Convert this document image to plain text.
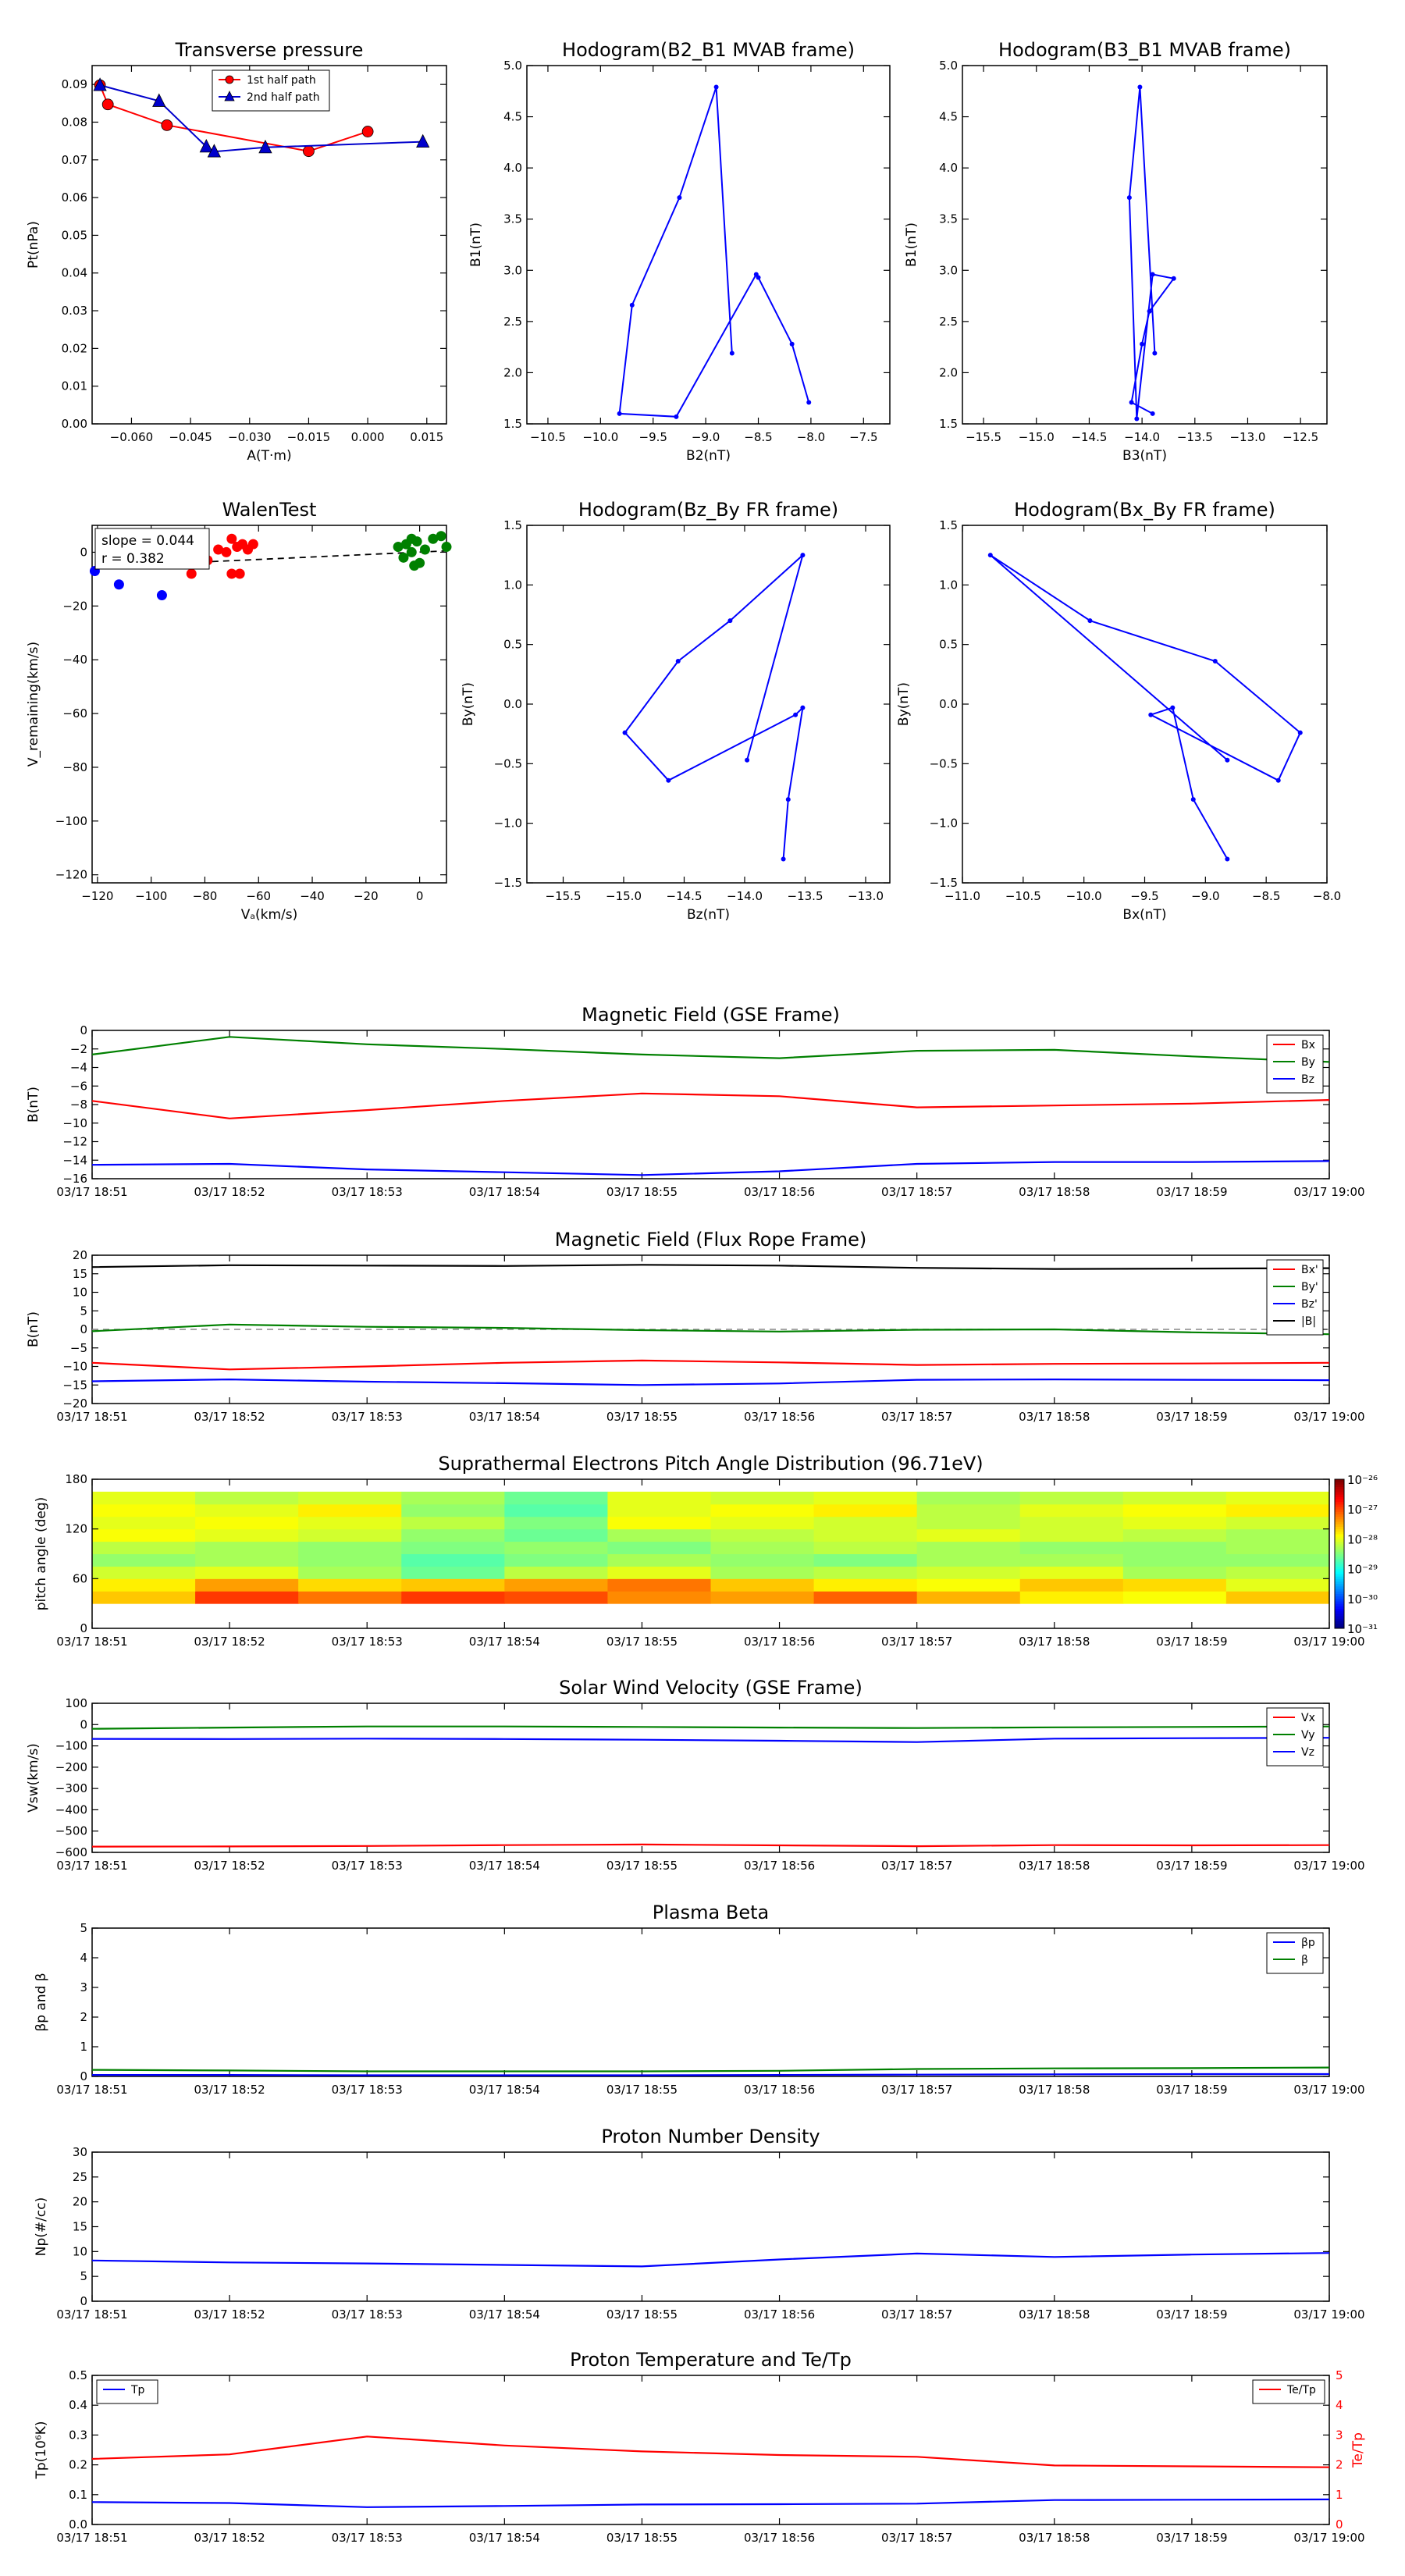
−0.060 −0.045 −0.030 −0.015 0.000 0.015
0.00
0.01
0.02
0.03
0.04
0.05
0.06
0.07
0.08
0.09
Transverse pressure
A(T·m)
Pt(nPa)
1st half path
2nd half path
−10.5 −10.0 −9.5 −9.0 −8.5 −8.0 −7.5
1.5
2.0
2.5
3.0
3.5
4.0
4.5
5.0
Hodogram(B2_B1 MVAB frame)
B2(nT)
B1(nT)
−15.5 −15.0 −14.5 −14.0 −13.5 −13.0 −12.5
1.5
2.0
2.5
3.0
3.5
4.0
4.5
5.0
Hodogram(B3_B1 MVAB frame)
B3(nT)
B1(nT)
−120 −100 −80 −60 −40 −20	0
−120
−100
−80
−60
−40
−20
0
WalenTest
Vₐ(km/s)
V_remaining(km/s)
slope = 0.044
r = 0.382
−15.5 −15.0 −14.5 −14.0 −13.5 −13.0
−1.5
−1.0
−0.5
0.0
0.5
1.0
1.5
Hodogram(Bz_By FR frame)
Bz(nT)
By(nT)
−11.0 −10.5 −10.0 −9.5	−9.0	−8.5	−8.0
−1.5
−1.0
−0.5
0.0
0.5
1.0
1.5
Hodogram(Bx_By FR frame)
Bx(nT)
By(nT)
03/17 18:51	03/17 18:52	03/17 18:53	03/17 18:54	03/17 18:55	03/17 18:56	03/17 18:57	03/17 18:58	03/17 18:59	03/17 19:00
−16
−14
−12
−10
−8
−6
−4
−2
0
Magnetic Field (GSE Frame)
B(nT)
Bx
By
Bz
03/17 18:51	03/17 18:52	03/17 18:53	03/17 18:54	03/17 18:55	03/17 18:56	03/17 18:57	03/17 18:58	03/17 18:59	03/17 19:00
−20
−15
−10
−5
0
5
10
15
20
Magnetic Field (Flux Rope Frame)
B(nT)
Bx'
By'
Bz'
|B|
03/17 18:51	03/17 18:52	03/17 18:53	03/17 18:54	03/17 18:55	03/17 18:56	03/17 18:57	03/17 18:58	03/17 18:59	03/17 19:00
−600
−500
−400
−300
−200
−100
0
100
Solar Wind Velocity (GSE Frame)
Vsw(km/s)
Vx
Vy
Vz
03/17 18:51	03/17 18:52	03/17 18:53	03/17 18:54	03/17 18:55	03/17 18:56	03/17 18:57	03/17 18:58	03/17 18:59	03/17 19:00
0
1
2
3
4
5
Plasma Beta
βp and β
βp
β
03/17 18:51	03/17 18:52	03/17 18:53	03/17 18:54	03/17 18:55	03/17 18:56	03/17 18:57	03/17 18:58	03/17 18:59	03/17 19:00
0
5
10
15
20
25
30
Proton Number Density
Np(#/cc)
03/17 18:51	03/17 18:52	03/17 18:53	03/17 18:54	03/17 18:55	03/17 18:56	03/17 18:57	03/17 18:58	03/17 18:59	03/17 19:00
0.0
0.1
0.2
0.3
0.4
0.5
Proton Temperature and Te/Tp
Tp(10⁶K)
0
1
2
3
4
5
Te/Tp
Tp	Te/Tp
03/17 18:51	03/17 18:52	03/17 18:53	03/17 18:54	03/17 18:55	03/17 18:56	03/17 18:57	03/17 18:58	03/17 18:59	03/17 19:00
0
60
120
180
Suprathermal Electrons Pitch Angle Distribution (96.71eV)
pitch angle (deg)
10⁻²⁶
10⁻²⁷
10⁻²⁸
10⁻²⁹
10⁻³⁰
10⁻³¹
